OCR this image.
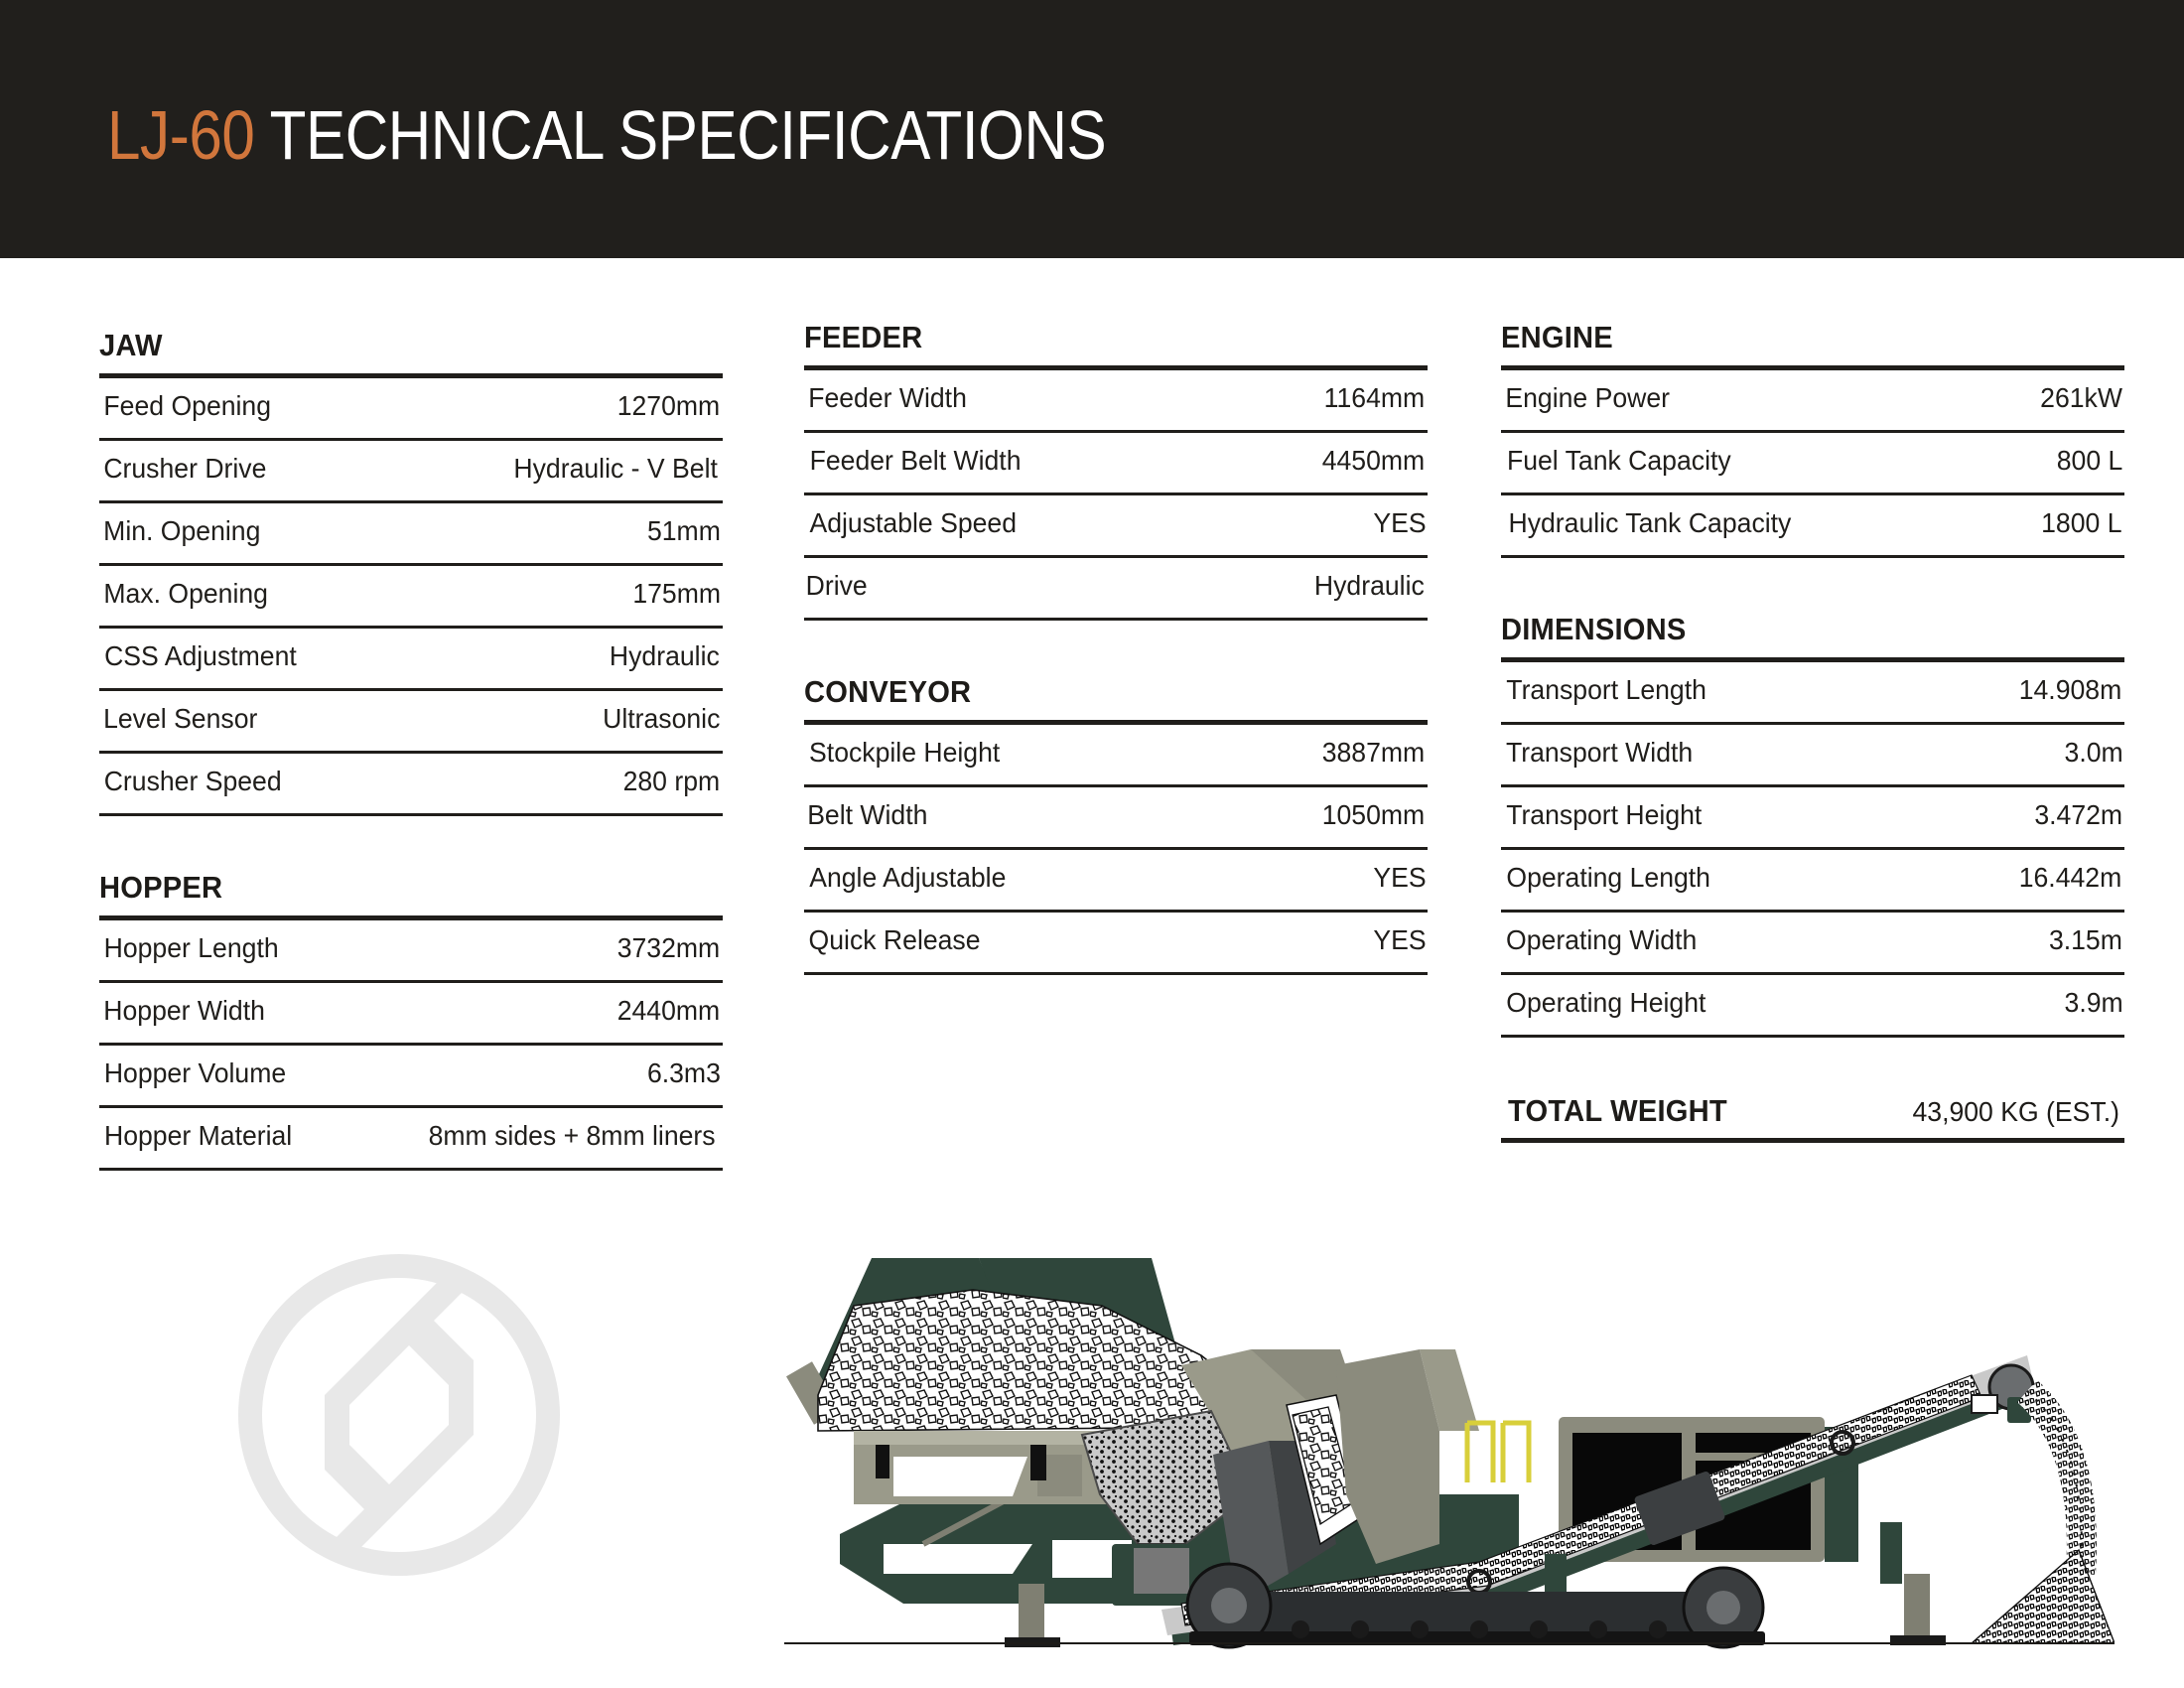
LJ-60 TECHNICAL SPECIFICATIONS
JAW
Feed Opening	1270mm
Crusher Drive	Hydraulic - V Belt
Min. Opening	51mm
Max. Opening	175mm
CSS Adjustment	Hydraulic
Level Sensor	Ultrasonic
Crusher Speed	280 rpm
HOPPER
Hopper Length	3732mm
Hopper Width	2440mm
Hopper Volume	6.3m3
Hopper Material	8mm sides + 8mm liners
FEEDER
Feeder Width	1164mm
Feeder Belt Width	4450mm
Adjustable Speed	YES
Drive	Hydraulic
CONVEYOR
Stockpile Height	3887mm
Belt Width	1050mm
Angle Adjustable	YES
Quick Release	YES
ENGINE
Engine Power	261kW
Fuel Tank Capacity	800 L
Hydraulic Tank Capacity	1800 L
DIMENSIONS
Transport Length	14.908m
Transport Width	3.0m
Transport Height	3.472m
Operating Length	16.442m
Operating Width	3.15m
Operating Height	3.9m
TOTAL WEIGHT	43,900 KG (EST.)
